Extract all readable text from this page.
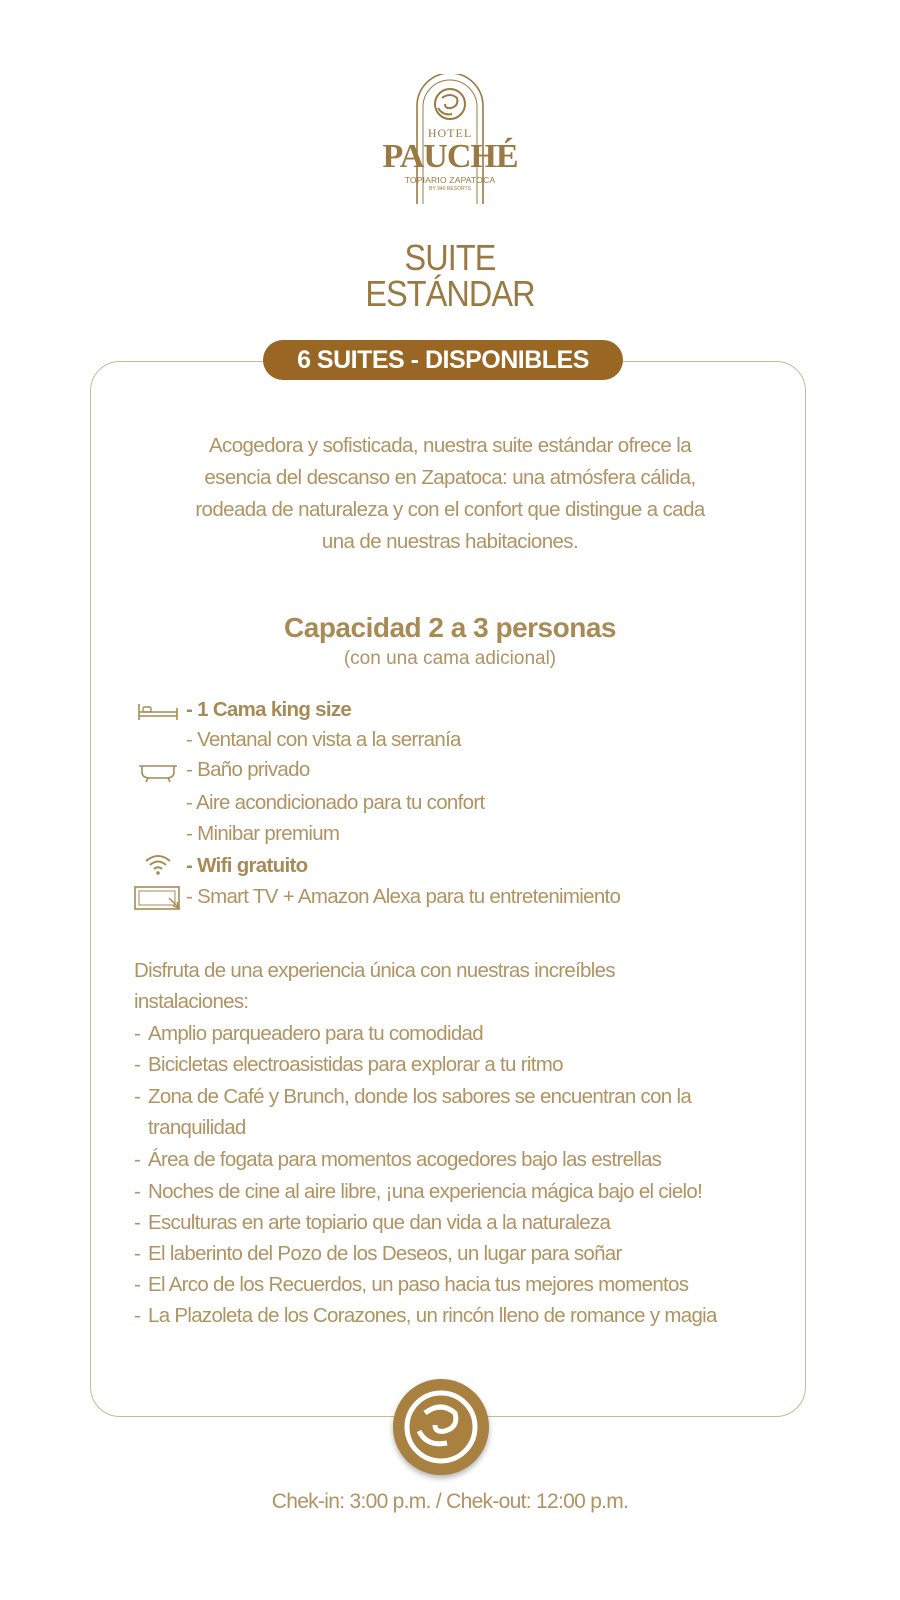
HOTEL
PAUCHÉ
TOPIARIO ZAPATOCA
BY 940 RESORTS
SUITE
ESTÁNDAR
6 SUITES - DISPONIBLES
Acogedora y sofisticada, nuestra suite estándar ofrece la
esencia del descanso en Zapatoca: una atmósfera cálida,
rodeada de naturaleza y con el confort que distingue a cada
una de nuestras habitaciones.
Capacidad 2 a 3 personas
(con una cama adicional)
- 1 Cama king size
- Ventanal con vista a la serranía
- Baño privado
- Aire acondicionado para tu confort
- Minibar premium
- Wifi gratuito
- Smart TV + Amazon Alexa para tu entretenimiento
Disfruta de una experiencia única con nuestras increíbles
instalaciones:
- Amplio parqueadero para tu comodidad
- Bicicletas electroasistidas para explorar a tu ritmo
- Zona de Café y Brunch, donde los sabores se encuentran con la
tranquilidad
- Área de fogata para momentos acogedores bajo las estrellas
- Noches de cine al aire libre, ¡una experiencia mágica bajo el cielo!
- Esculturas en arte topiario que dan vida a la naturaleza
- El laberinto del Pozo de los Deseos, un lugar para soñar
- El Arco de los Recuerdos, un paso hacia tus mejores momentos
- La Plazoleta de los Corazones, un rincón lleno de romance y magia
Chek-in: 3:00 p.m. / Chek-out: 12:00 p.m.
